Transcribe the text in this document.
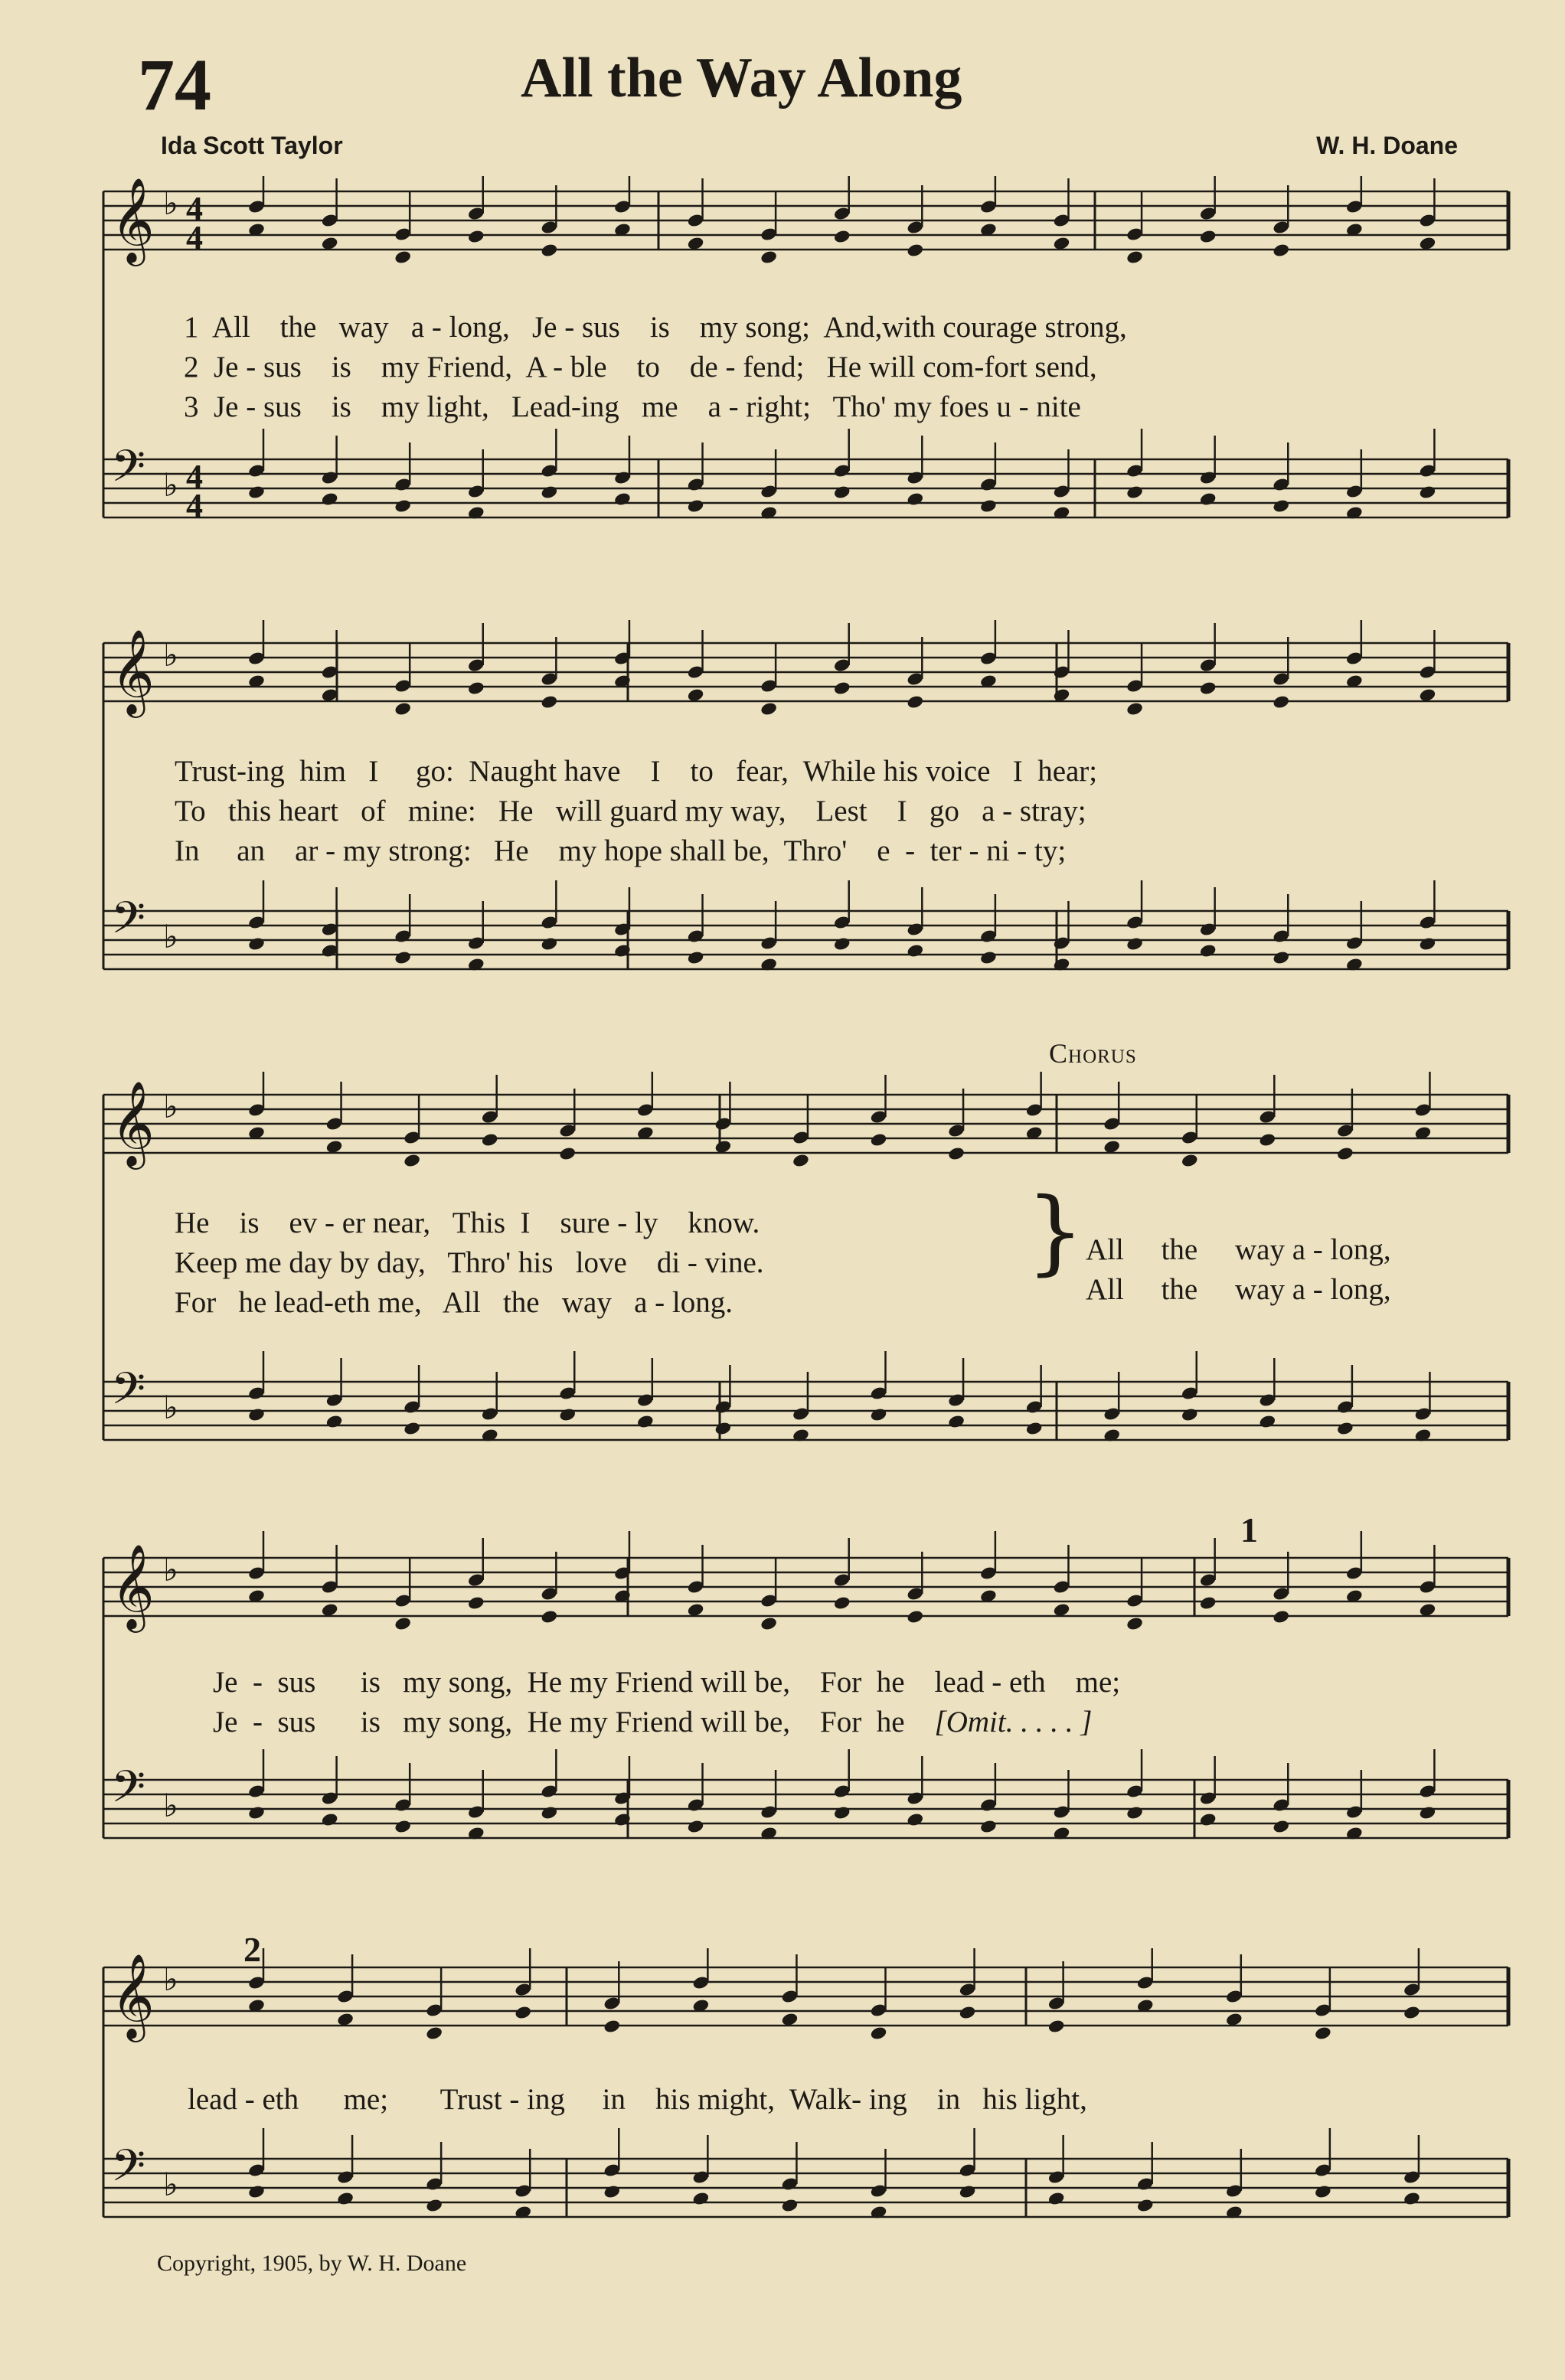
74	All the Way Along
Ida Scott Taylor	W. H. Doane
𝄞 ♭ 4
4
𝄢 ♭ 4
4
1 All the way a - long, Je - sus is my song; And,with courage strong,
2 Je - sus is my Friend, A - ble to de - fend; He will com-fort send,
3 Je - sus is my light, Lead-ing me a - right; Tho' my foes u - nite
𝄞 ♭
𝄢 ♭
Trust-ing him I go: Naught have I to fear, While his voice I hear;
To this heart of mine: He will guard my way, Lest I go a - stray;
In an ar - my strong: He my hope shall be, Thro' e - ter - ni - ty;
Chorus
𝄞 ♭
𝄢 ♭
He is ev - er near, This I sure - ly know.
Keep me day by day, Thro' his love di - vine.
For he lead-eth me, All the way a - long.
} All the way a - long,
All the way a - long,
𝄞 ♭
𝄢 ♭
1
Je - sus is my song, He my Friend will be, For he lead - eth me;
Je - sus is my song, He my Friend will be, For he [Omit. . . . . ]
𝄞 ♭
𝄢 ♭
2
lead - eth me; Trust - ing in his might, Walk- ing in his light,
Copyright, 1905, by W. H. Doane
